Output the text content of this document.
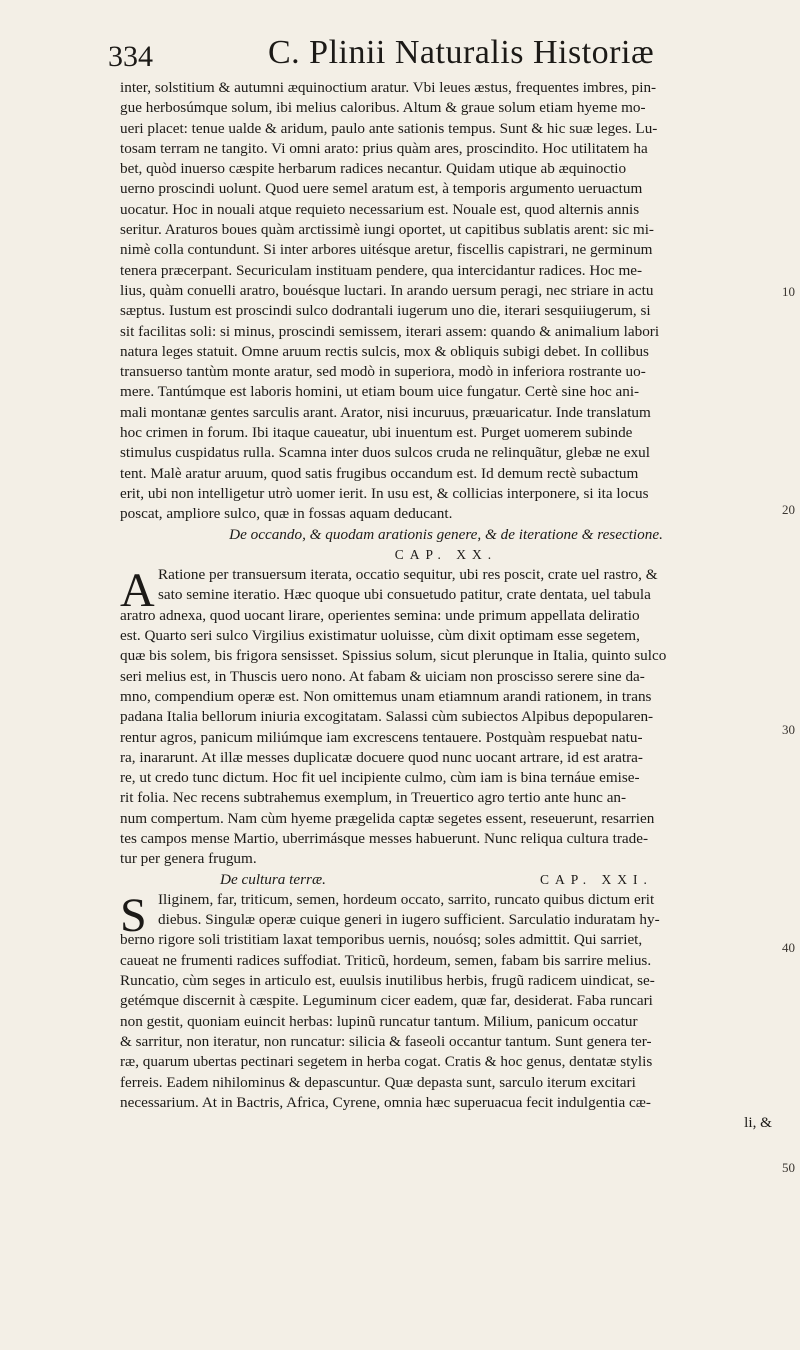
334	C. Plinii Naturalis Historiæ
inter, solstitium & autumni æquinoctium aratur. Vbi leues æstus, frequentes imbres, pin-
gue herbosúmque solum, ibi melius caloribus. Altum & graue solum etiam hyeme mo-
ueri placet: tenue ualde & aridum, paulo ante sationis tempus. Sunt & hic suæ leges. Lu-
tosam terram ne tangito. Vi omni arato: prius quàm ares, proscindito. Hoc utilitatem ha
bet, quòd inuerso cæspite herbarum radices necantur. Quidam utique ab æquinoctio
uerno proscindi uolunt. Quod uere semel aratum est, à temporis argumento ueruactum
uocatur. Hoc in nouali atque requieto necessarium est. Nouale est, quod alternis annis
seritur. Araturos boues quàm arctissimè iungi oportet, ut capitibus sublatis arent: sic mi-
nimè colla contundunt. Si inter arbores uitésque aretur, fiscellis capistrari, ne germinum
tenera præcerpant. Securiculam instituam pendere, qua intercidantur radices. Hoc me-
lius, quàm conuelli aratro, bouésque luctari. In arando uersum peragi, nec striare in actu
sæptus. Iustum est proscindi sulco dodrantali iugerum uno die, iterari sesquiiugerum, si
sit facilitas soli: si minus, proscindi semissem, iterari assem: quando & animalium labori
natura leges statuit. Omne aruum rectis sulcis, mox & obliquis subigi debet. In collibus
transuerso tantùm monte aratur, sed modò in superiora, modò in inferiora rostrante uo-
mere. Tantúmque est laboris homini, ut etiam boum uice fungatur. Certè sine hoc ani-
mali montanæ gentes sarculis arant. Arator, nisi incuruus, præuaricatur. Inde translatum
hoc crimen in forum. Ibi itaque caueatur, ubi inuentum est. Purget uomerem subinde
stimulus cuspidatus rulla. Scamna inter duos sulcos cruda ne relinquãtur, glebæ ne exul
tent. Malè aratur aruum, quod satis frugibus occandum est. Id demum rectè subactum
erit, ubi non intelligetur utrò uomer ierit. In usu est, & collicias interponere, si ita locus
poscat, ampliore sulco, quæ in fossas aquam deducant.
De occando, & quodam arationis genere, & de iteratione & resectione.
CAP. XX.
A Ratione per transuersum iterata, occatio sequitur, ubi res poscit, crate uel rastro, &
sato semine iteratio. Hæc quoque ubi consuetudo patitur, crate dentata, uel tabula
aratro adnexa, quod uocant lirare, operientes semina: unde primum appellata deliratio
est. Quarto seri sulco Virgilius existimatur uoluisse, cùm dixit optimam esse segetem,
quæ bis solem, bis frigora sensisset. Spissius solum, sicut plerunque in Italia, quinto sulco
seri melius est, in Thuscis uero nono. At fabam & uiciam non proscisso serere sine da-
mno, compendium operæ est. Non omittemus unam etiamnum arandi rationem, in trans
padana Italia bellorum iniuria excogitatam. Salassi cùm subiectos Alpibus depopularen-
rentur agros, panicum miliúmque iam excrescens tentauere. Postquàm respuebat natu-
ra, inararunt. At illæ messes duplicatæ docuere quod nunc uocant artrare, id est aratra-
re, ut credo tunc dictum. Hoc fit uel incipiente culmo, cùm iam is bina ternáue emise-
rit folia. Nec recens subtrahemus exemplum, in Treuertico agro tertio ante hunc an-
num compertum. Nam cùm hyeme prægelida captæ segetes essent, reseuerunt, resarrien
tes campos mense Martio, uberrimásque messes habuerunt. Nunc reliqua cultura trade-
tur per genera frugum.
De cultura terræ.	CAP. XXI.
S Iliginem, far, triticum, semen, hordeum occato, sarrito, runcato quibus dictum erit
diebus. Singulæ operæ cuique generi in iugero sufficient. Sarculatio induratam hy-
berno rigore soli tristitiam laxat temporibus uernis, nouósq; soles admittit. Qui sarriet,
caueat ne frumenti radices suffodiat. Triticũ, hordeum, semen, fabam bis sarrire melius.
Runcatio, cùm seges in articulo est, euulsis inutilibus herbis, frugũ radicem uindicat, se-
getémque discernit à cæspite. Leguminum cicer eadem, quæ far, desiderat. Faba runcari
non gestit, quoniam euincit herbas: lupinũ runcatur tantum. Milium, panicum occatur
& sarritur, non iteratur, non runcatur: silicia & faseoli occantur tantum. Sunt genera ter-
ræ, quarum ubertas pectinari segetem in herba cogat. Cratis & hoc genus, dentatæ stylis
ferreis. Eadem nihilominus & depascuntur. Quæ depasta sunt, sarculo iterum excitari
necessarium. At in Bactris, Africa, Cyrene, omnia hæc superuacua fecit indulgentia cæ-
li, &
10
20
30
40
50
